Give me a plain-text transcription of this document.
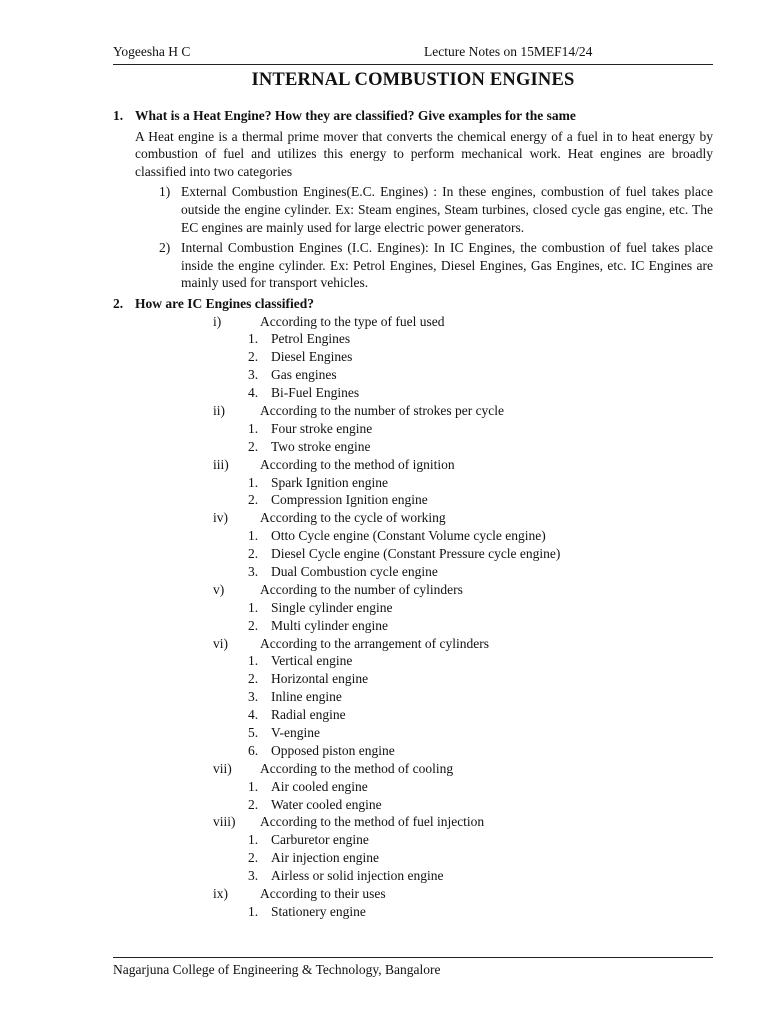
Yogeesha H C	Lecture Notes on 15MEF14/24
INTERNAL COMBUSTION ENGINES
1. What is a Heat Engine? How they are classified? Give examples for the same
A Heat engine is a thermal prime mover that converts the chemical energy of a fuel in to heat energy by combustion of fuel and utilizes this energy to perform mechanical work. Heat engines are broadly classified into two categories
1) External Combustion Engines(E.C. Engines) : In these engines, combustion of fuel takes place outside the engine cylinder. Ex: Steam engines, Steam turbines, closed cycle gas engine, etc. The EC engines are mainly used for large electric power generators.
2) Internal Combustion Engines (I.C. Engines): In IC Engines, the combustion of fuel takes place inside the engine cylinder. Ex: Petrol Engines, Diesel Engines, Gas Engines, etc. IC Engines are mainly used for transport vehicles.
2. How are IC Engines classified?
i)	According to the type of fuel used
1. Petrol Engines
2. Diesel Engines
3. Gas engines
4. Bi-Fuel Engines
ii)	According to the number of strokes per cycle
1. Four stroke engine
2. Two stroke engine
iii) According to the method of ignition
1. Spark Ignition engine
2. Compression Ignition engine
iv) According to the cycle of working
1. Otto Cycle engine (Constant Volume cycle engine)
2. Diesel Cycle engine (Constant Pressure cycle engine)
3. Dual Combustion cycle engine
v)	According to the number of cylinders
1. Single cylinder engine
2. Multi cylinder engine
vi) According to the arrangement of cylinders
1. Vertical engine
2. Horizontal engine
3. Inline engine
4. Radial engine
5. V-engine
6. Opposed piston engine
vii) According to the method of cooling
1. Air cooled engine
2. Water cooled engine
viii) According to the method of fuel injection
1. Carburetor engine
2. Air injection engine
3. Airless or solid injection engine
ix) According to their uses
1. Stationery engine
Nagarjuna College of Engineering & Technology, Bangalore
